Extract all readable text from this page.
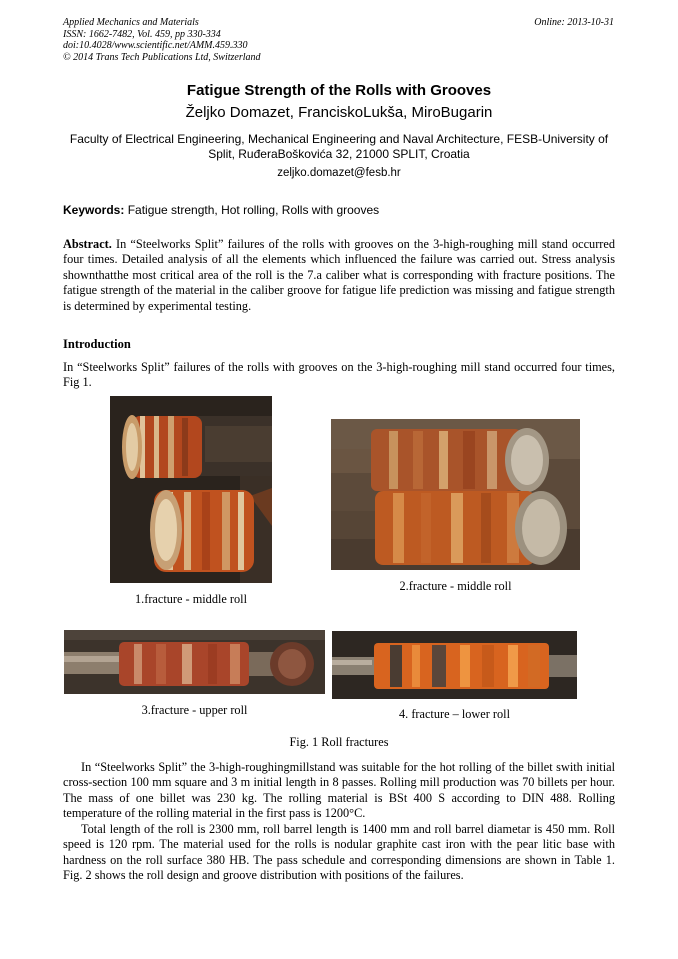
Applied Mechanics and Materials
ISSN: 1662-7482, Vol. 459, pp 330-334
doi:10.4028/www.scientific.net/AMM.459.330
© 2014 Trans Tech Publications Ltd, Switzerland
Online: 2013-10-31
Fatigue Strength of the Rolls with Grooves
Željko Domazet, FranciskoLukša, MiroBugarin
Faculty of Electrical Engineering, Mechanical Engineering and Naval Architecture, FESB-University of Split, RuđeraBoškovića 32, 21000 SPLIT, Croatia
zeljko.domazet@fesb.hr
Keywords: Fatigue strength, Hot rolling, Rolls with grooves
Abstract. In “Steelworks Split” failures of the rolls with grooves on the 3-high-roughing mill stand occurred four times. Detailed analysis of all the elements which influenced the failure was carried out. Stress analysis shownthatthe most critical area of the roll is the 7.a caliber what is corresponding with fracture positions. The fatigue strength of the material in the caliber groove for fatigue life prediction was missing and fatigue strength is determined by experimental testing.
Introduction
In “Steelworks Split” failures of the rolls with grooves on the 3-high-roughing mill stand occurred four times, Fig 1.
1.fracture - middle roll
2.fracture - middle roll
3.fracture - upper roll	4. fracture – lower roll
Fig. 1 Roll fractures
In “Steelworks Split” the 3-high-roughingmillstand was suitable for the hot rolling of the billet swith initial cross-section 100 mm square and 3 m initial length in 8 passes. Rolling mill production was 70 billets per hour. The mass of one billet was 230 kg. The rolling material is BSt 400 S according to DIN 488. Rolling temperature of the rolling material in the first pass is 1200°C.
Total length of the roll is 2300 mm, roll barrel length is 1400 mm and roll barrel diametar is 450 mm. Roll speed is 120 rpm. The material used for the rolls is nodular graphite cast iron with the pear litic base with hardness on the roll surface 380 HB. The pass schedule and corresponding dimensions are shown in Table 1. Fig. 2 shows the roll design and groove distribution with positions of the failures.
